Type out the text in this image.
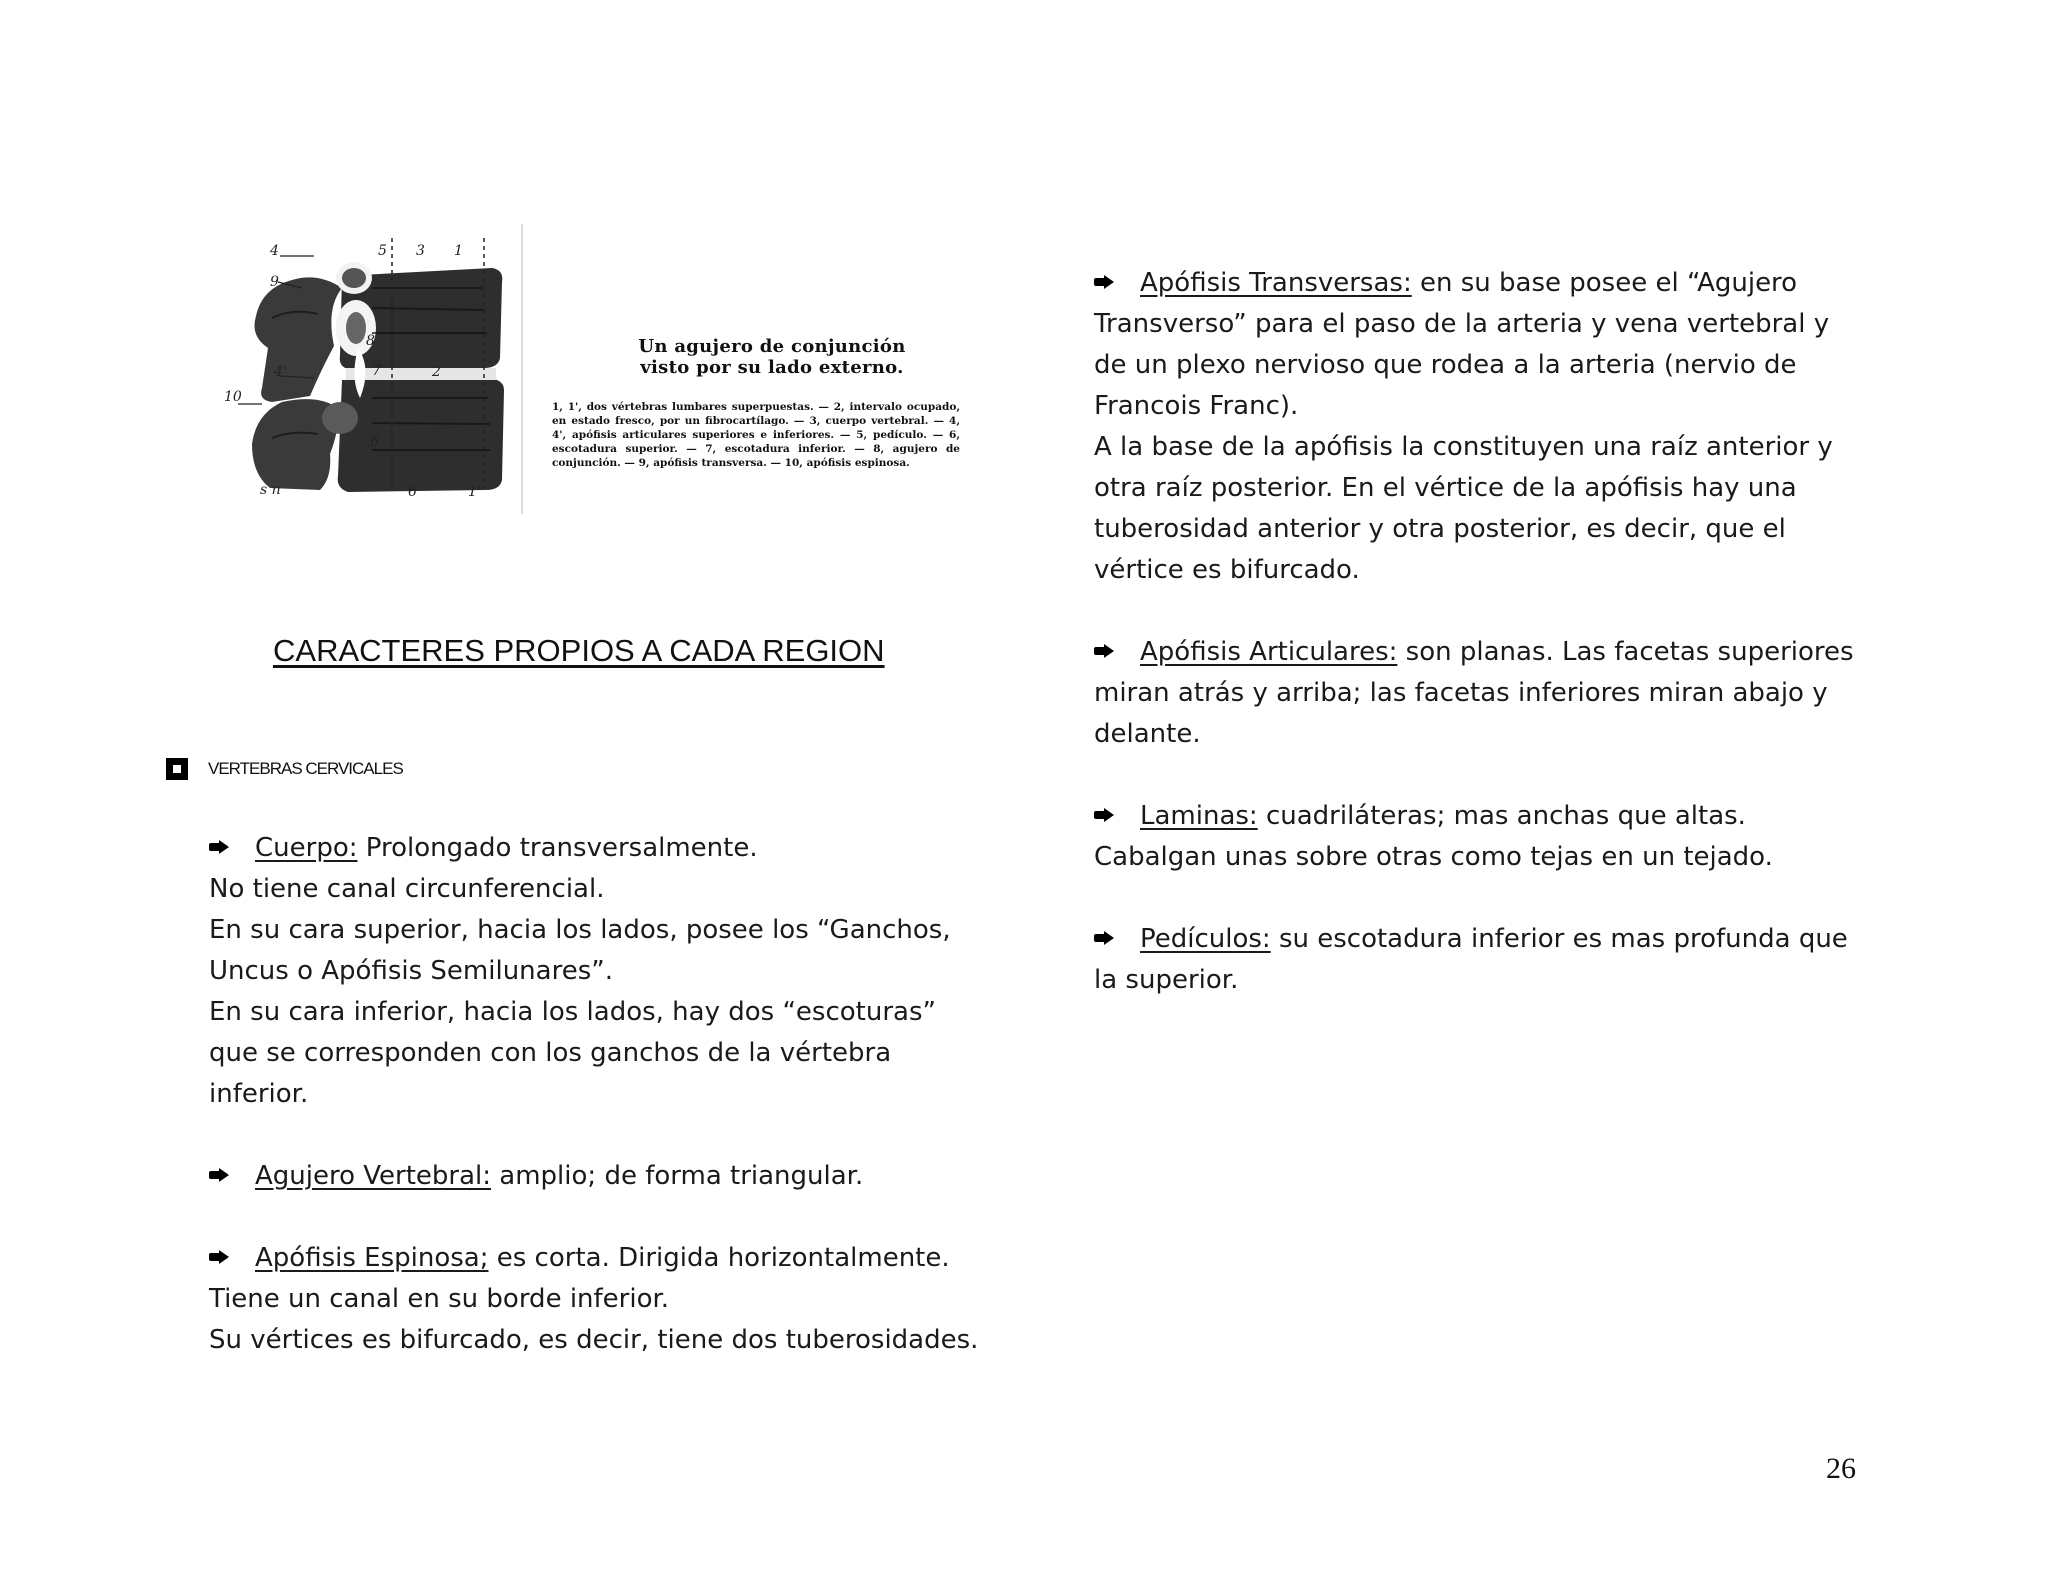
4	5 3 1
9
8
4'	2
7
10
6
s n	6	1'
Un agujero de conjunción
visto por su lado externo.
1, 1', dos vértebras lumbares superpuestas. — 2, intervalo ocupado, en estado fresco, por un fibrocartílago. — 3, cuerpo vertebral. — 4, 4', apófisis articulares superiores e inferiores. — 5, pedículo. — 6, escotadura superior. — 7, escotadura inferior. — 8, agujero de conjunción. — 9, apófisis transversa. — 10, apófisis espinosa.
CARACTERES PROPIOS A CADA REGION
VERTEBRAS CERVICALES
Cuerpo: Prolongado transversalmente.
No tiene canal circunferencial.
En su cara superior, hacia los lados, posee los “Ganchos,
Uncus o Apófisis Semilunares”.
En su cara inferior, hacia los lados, hay dos “escoturas”
que se corresponden con los ganchos de la vértebra
inferior.
Agujero Vertebral: amplio; de forma triangular.
Apófisis Espinosa; es corta. Dirigida horizontalmente.
Tiene un canal en su borde inferior.
Su vértices es bifurcado, es decir, tiene dos tuberosidades.
Apófisis Transversas: en su base posee el “Agujero
Transverso” para el paso de la arteria y vena vertebral y
de un plexo nervioso que rodea a la arteria (nervio de
Francois Franc).
A la base de la apófisis la constituyen una raíz anterior y
otra raíz posterior. En el vértice de la apófisis hay una
tuberosidad anterior y otra posterior, es decir, que el
vértice es bifurcado.
Apófisis Articulares: son planas. Las facetas superiores
miran atrás y arriba; las facetas inferiores miran abajo y
delante.
Laminas: cuadriláteras; mas anchas que altas.
Cabalgan unas sobre otras como tejas en un tejado.
Pedículos: su escotadura inferior es mas profunda que
la superior.
26
